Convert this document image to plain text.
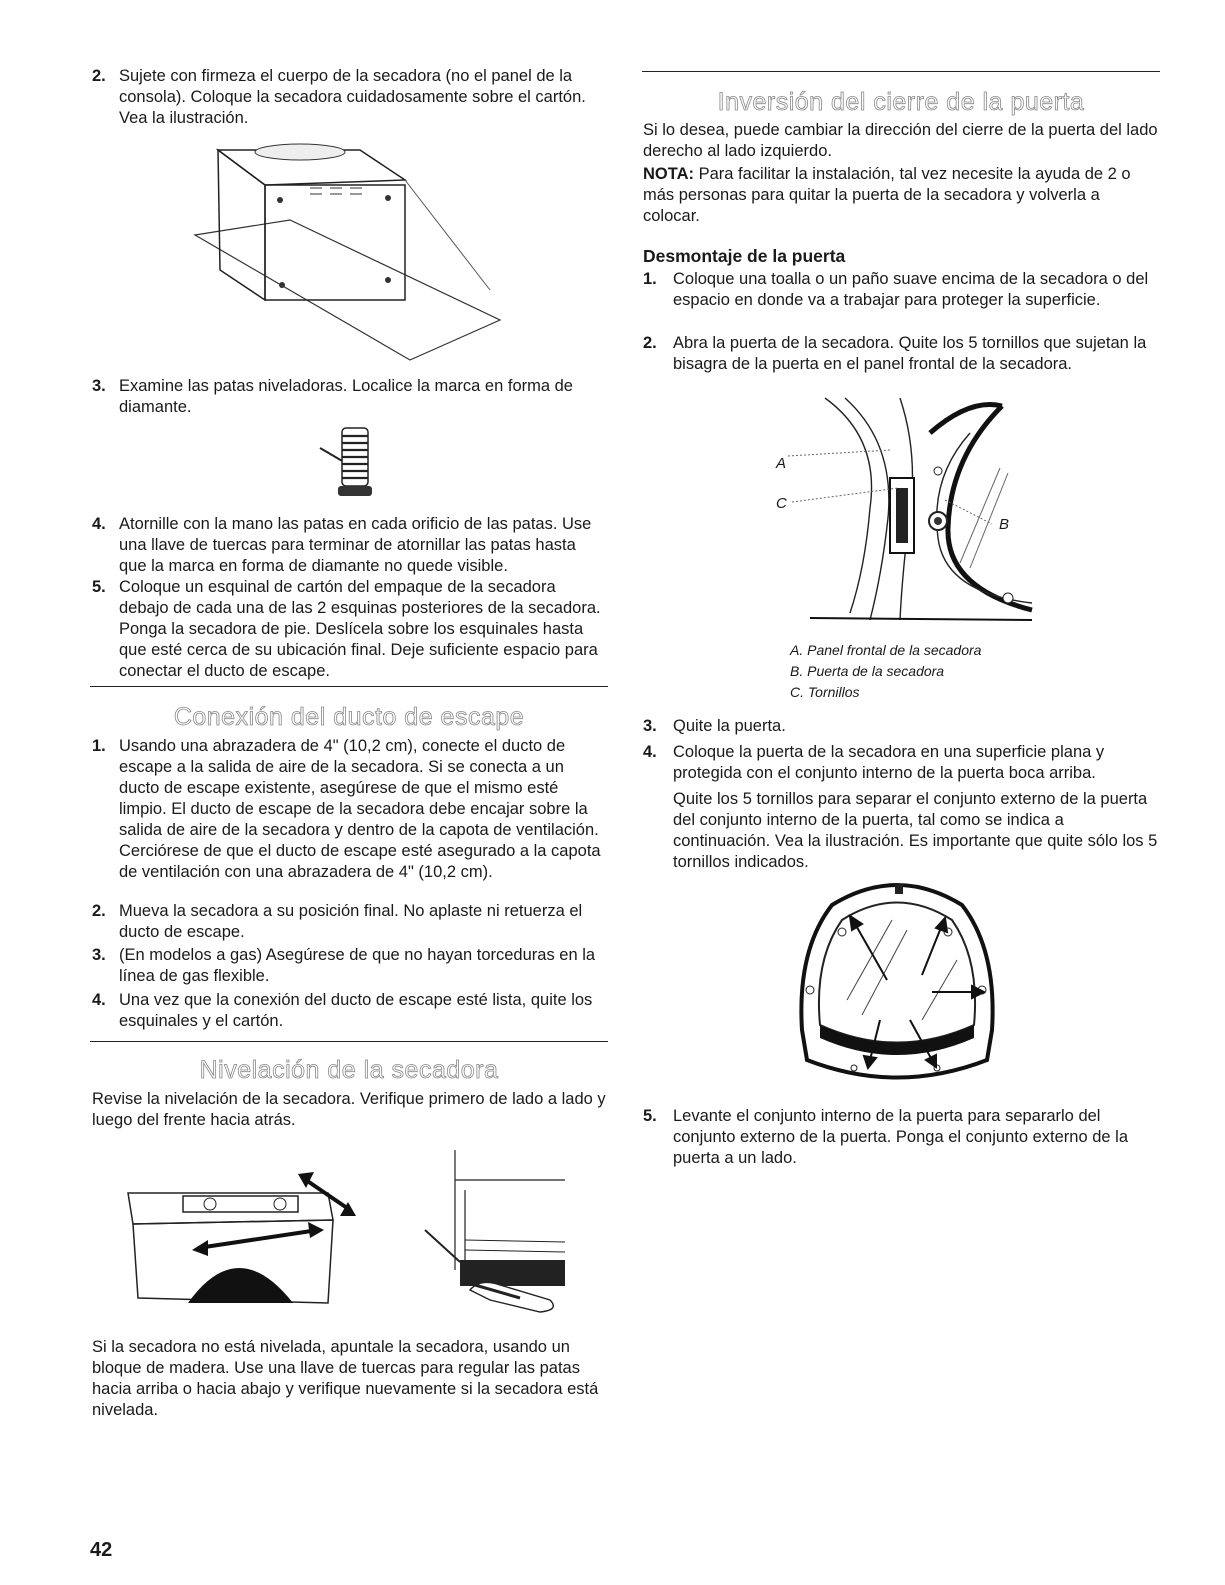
2. Sujete con firmeza el cuerpo de la secadora (no el panel de la consola). Coloque la secadora cuidadosamente sobre el cartón. Vea la ilustración.
3. Examine las patas niveladoras. Localice la marca en forma de diamante.
4. Atornille con la mano las patas en cada orificio de las patas. Use una llave de tuercas para terminar de atornillar las patas hasta que la marca en forma de diamante no quede visible.
5. Coloque un esquinal de cartón del empaque de la secadora debajo de cada una de las 2 esquinas posteriores de la secadora. Ponga la secadora de pie. Deslícela sobre los esquinales hasta que esté cerca de su ubicación final. Deje suficiente espacio para conectar el ducto de escape.
Conexión del ducto de escape
1. Usando una abrazadera de 4" (10,2 cm), conecte el ducto de escape a la salida de aire de la secadora. Si se conecta a un ducto de escape existente, asegúrese de que el mismo esté limpio. El ducto de escape de la secadora debe encajar sobre la salida de aire de la secadora y dentro de la capota de ventilación. Cerciórese de que el ducto de escape esté asegurado a la capota de ventilación con una abrazadera de 4" (10,2 cm).
2. Mueva la secadora a su posición final. No aplaste ni retuerza el ducto de escape.
3. (En modelos a gas) Asegúrese de que no hayan torceduras en la línea de gas flexible.
4. Una vez que la conexión del ducto de escape esté lista, quite los esquinales y el cartón.
Nivelación de la secadora
Revise la nivelación de la secadora. Verifique primero de lado a lado y luego del frente hacia atrás.
Si la secadora no está nivelada, apuntale la secadora, usando un bloque de madera. Use una llave de tuercas para regular las patas hacia arriba o hacia abajo y verifique nuevamente si la secadora está nivelada.
42
Inversión del cierre de la puerta
Si lo desea, puede cambiar la dirección del cierre de la puerta del lado derecho al lado izquierdo.
NOTA: Para facilitar la instalación, tal vez necesite la ayuda de 2 o más personas para quitar la puerta de la secadora y volverla a colocar.
Desmontaje de la puerta
1. Coloque una toalla o un paño suave encima de la secadora o del espacio en donde va a trabajar para proteger la superficie.
2. Abra la puerta de la secadora. Quite los 5 tornillos que sujetan la bisagra de la puerta en el panel frontal de la secadora.
A
C
B
A. Panel frontal de la secadora
B. Puerta de la secadora
C. Tornillos
3. Quite la puerta.
4. Coloque la puerta de la secadora en una superficie plana y protegida con el conjunto interno de la puerta boca arriba.
Quite los 5 tornillos para separar el conjunto externo de la puerta del conjunto interno de la puerta, tal como se indica a continuación. Vea la ilustración. Es importante que quite sólo los 5 tornillos indicados.
5. Levante el conjunto interno de la puerta para separarlo del conjunto externo de la puerta. Ponga el conjunto externo de la puerta a un lado.
